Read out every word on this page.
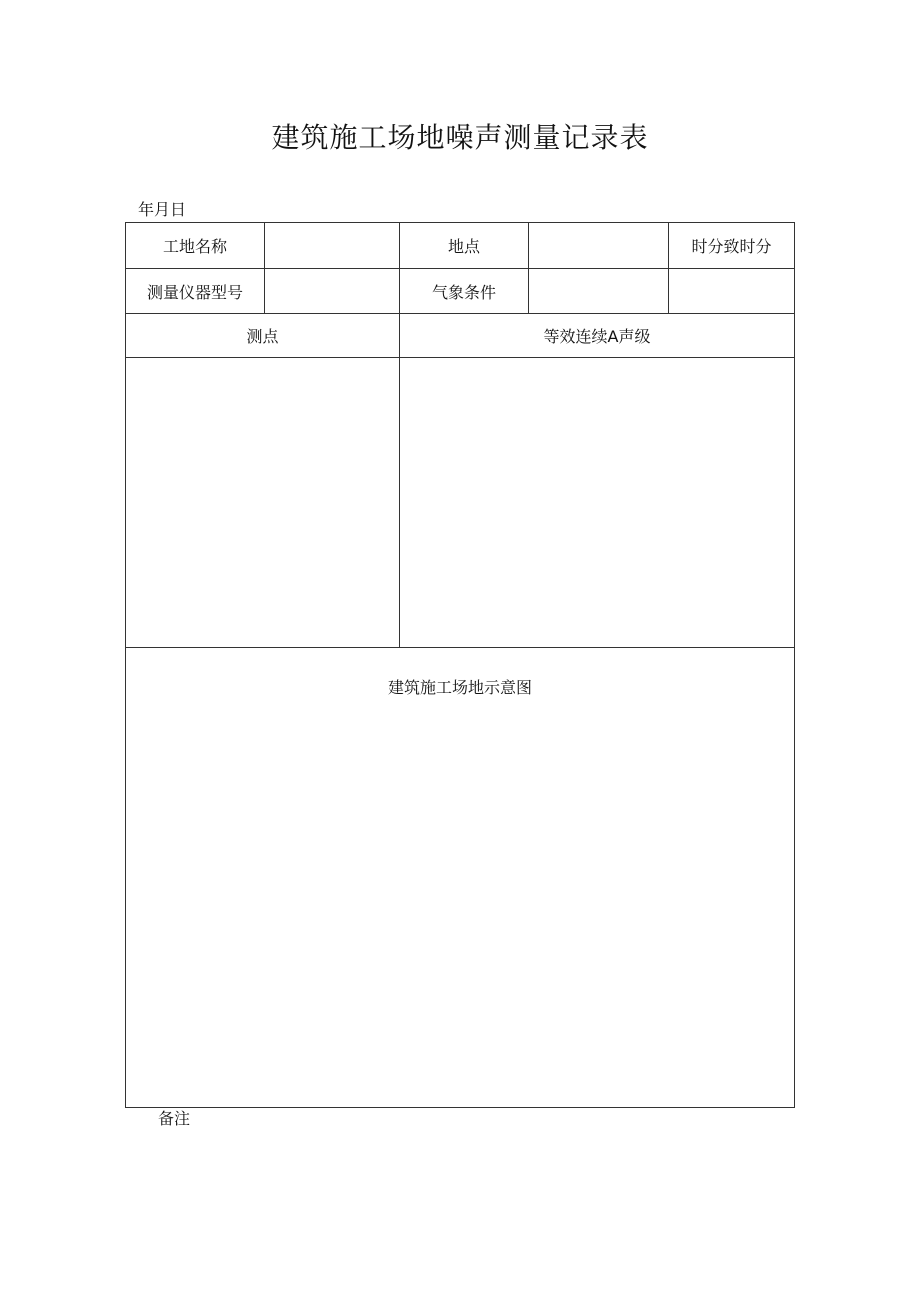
建筑施工场地噪声测量记录表
年月日
工地名称		地点		时分致时分
测量仪器型号		气象条件		
测点		等效连续A声级		

建筑施工场地示意图				
备注
